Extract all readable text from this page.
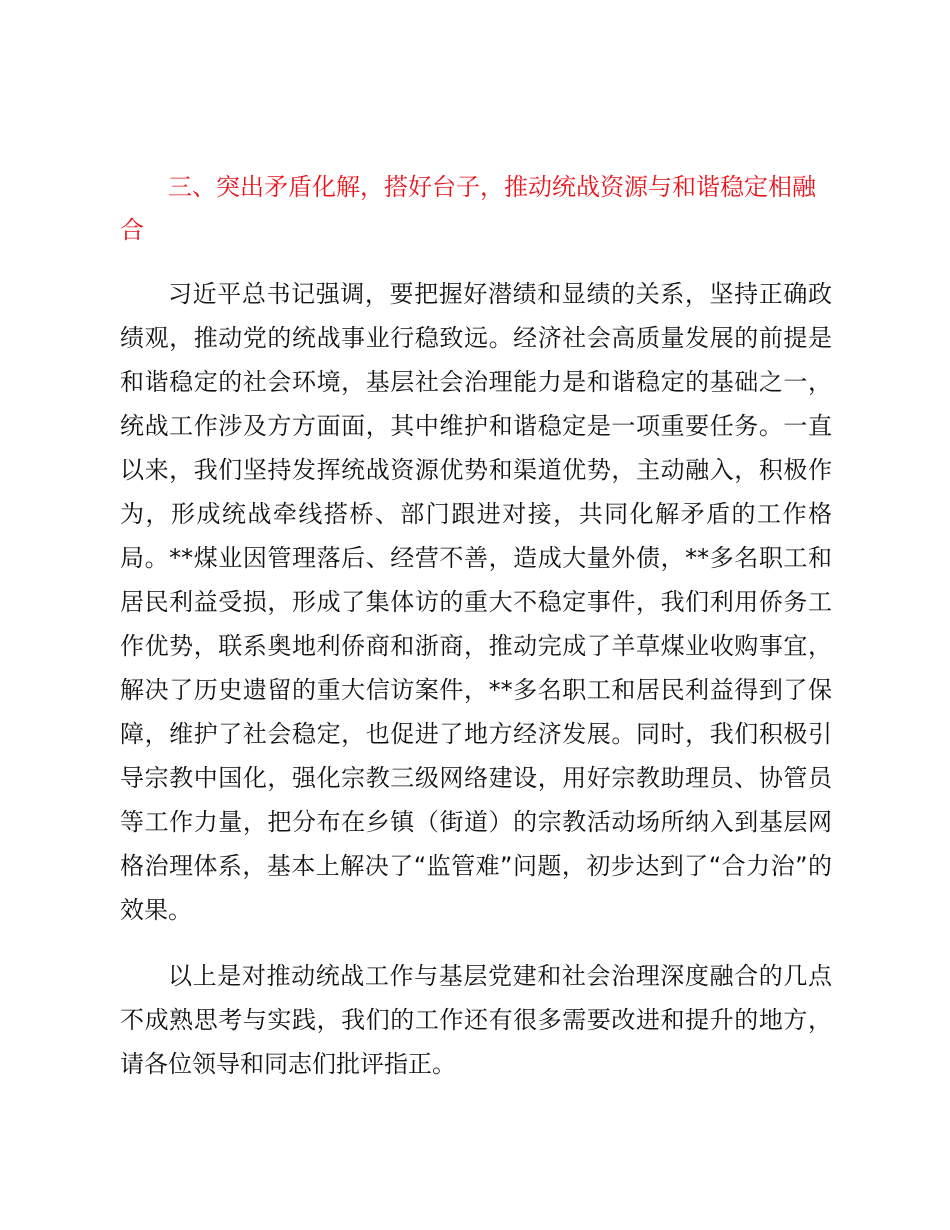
三、突出矛盾化解，搭好台子，推动统战资源与和谐稳定相融合

习近平总书记强调，要把握好潜绩和显绩的关系，坚持正确政绩观，推动党的统战事业行稳致远。经济社会高质量发展的前提是和谐稳定的社会环境，基层社会治理能力是和谐稳定的基础之一，统战工作涉及方方面面，其中维护和谐稳定是一项重要任务。一直以来，我们坚持发挥统战资源优势和渠道优势，主动融入，积极作为，形成统战牵线搭桥、部门跟进对接，共同化解矛盾的工作格局。**煤业因管理落后、经营不善，造成大量外债，**多名职工和居民利益受损，形成了集体访的重大不稳定事件，我们利用侨务工作优势，联系奥地利侨商和浙商，推动完成了羊草煤业收购事宜，解决了历史遗留的重大信访案件，**多名职工和居民利益得到了保障，维护了社会稳定，也促进了地方经济发展。同时，我们积极引导宗教中国化，强化宗教三级网络建设，用好宗教助理员、协管员等工作力量，把分布在乡镇（街道）的宗教活动场所纳入到基层网格治理体系，基本上解决了“监管难”问题，初步达到了“合力治”的效果。

以上是对推动统战工作与基层党建和社会治理深度融合的几点不成熟思考与实践，我们的工作还有很多需要改进和提升的地方，请各位领导和同志们批评指正。
